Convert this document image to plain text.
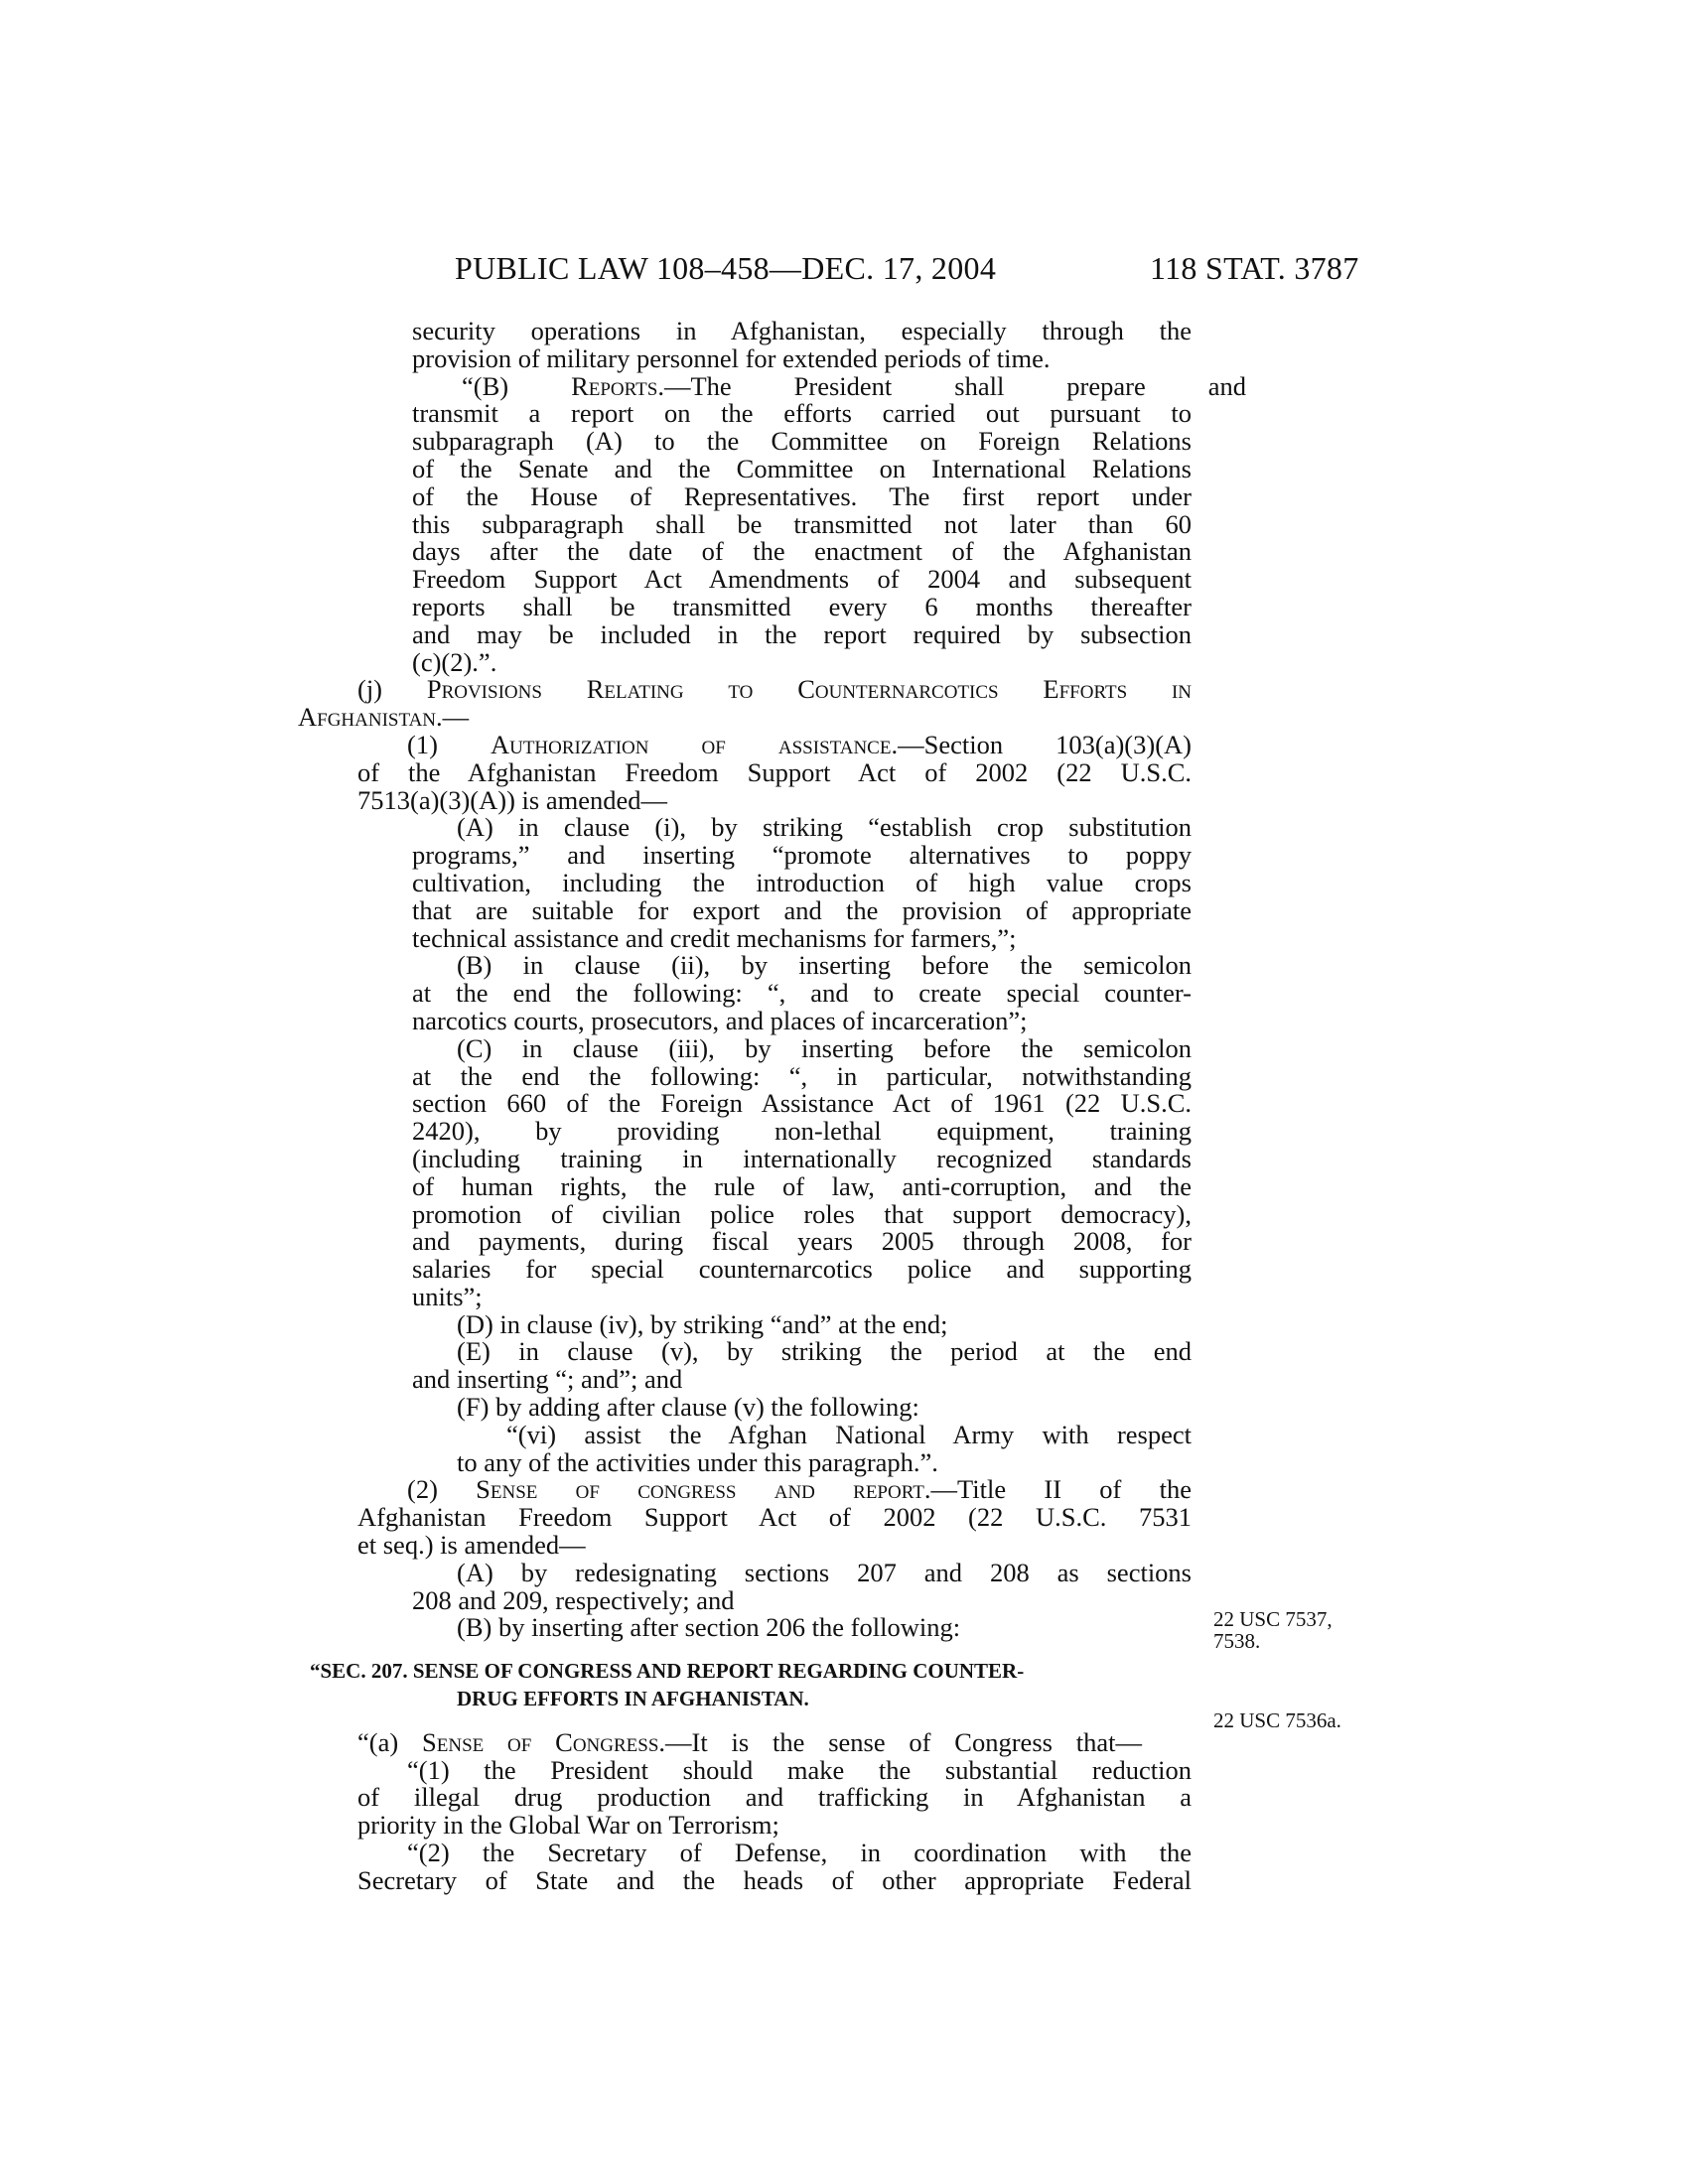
PUBLIC LAW 108–458—DEC. 17, 2004	118 STAT. 3787
security operations in Afghanistan, especially through the
provision of military personnel for extended periods of time.
“(B) Reports.—The President shall prepare and
transmit a report on the efforts carried out pursuant to
subparagraph (A) to the Committee on Foreign Relations
of the Senate and the Committee on International Relations
of the House of Representatives. The first report under
this subparagraph shall be transmitted not later than 60
days after the date of the enactment of the Afghanistan
Freedom Support Act Amendments of 2004 and subsequent
reports shall be transmitted every 6 months thereafter
and may be included in the report required by subsection
(c)(2).”.
(j) Provisions Relating to Counternarcotics Efforts in
Afghanistan.—
(1) Authorization of assistance.—Section 103(a)(3)(A)
of the Afghanistan Freedom Support Act of 2002 (22 U.S.C.
7513(a)(3)(A)) is amended—
(A) in clause (i), by striking “establish crop substitution
programs,” and inserting “promote alternatives to poppy
cultivation, including the introduction of high value crops
that are suitable for export and the provision of appropriate
technical assistance and credit mechanisms for farmers,”;
(B) in clause (ii), by inserting before the semicolon
at the end the following: “, and to create special counter-
narcotics courts, prosecutors, and places of incarceration”;
(C) in clause (iii), by inserting before the semicolon
at the end the following: “, in particular, notwithstanding
section 660 of the Foreign Assistance Act of 1961 (22 U.S.C.
2420), by providing non-lethal equipment, training
(including training in internationally recognized standards
of human rights, the rule of law, anti-corruption, and the
promotion of civilian police roles that support democracy),
and payments, during fiscal years 2005 through 2008, for
salaries for special counternarcotics police and supporting
units”;
(D) in clause (iv), by striking “and” at the end;
(E) in clause (v), by striking the period at the end
and inserting “; and”; and
(F) by adding after clause (v) the following:
“(vi) assist the Afghan National Army with respect
to any of the activities under this paragraph.”.
(2) Sense of congress and report.—Title II of the
Afghanistan Freedom Support Act of 2002 (22 U.S.C. 7531
et seq.) is amended—
(A) by redesignating sections 207 and 208 as sections
208 and 209, respectively; and
(B) by inserting after section 206 the following:
“SEC. 207. SENSE OF CONGRESS AND REPORT REGARDING COUNTER-
DRUG EFFORTS IN AFGHANISTAN.
“(a) Sense of Congress.—It is the sense of Congress that—
“(1) the President should make the substantial reduction
of illegal drug production and trafficking in Afghanistan a
priority in the Global War on Terrorism;
“(2) the Secretary of Defense, in coordination with the
Secretary of State and the heads of other appropriate Federal
22 USC 7537,
7538.
22 USC 7536a.
